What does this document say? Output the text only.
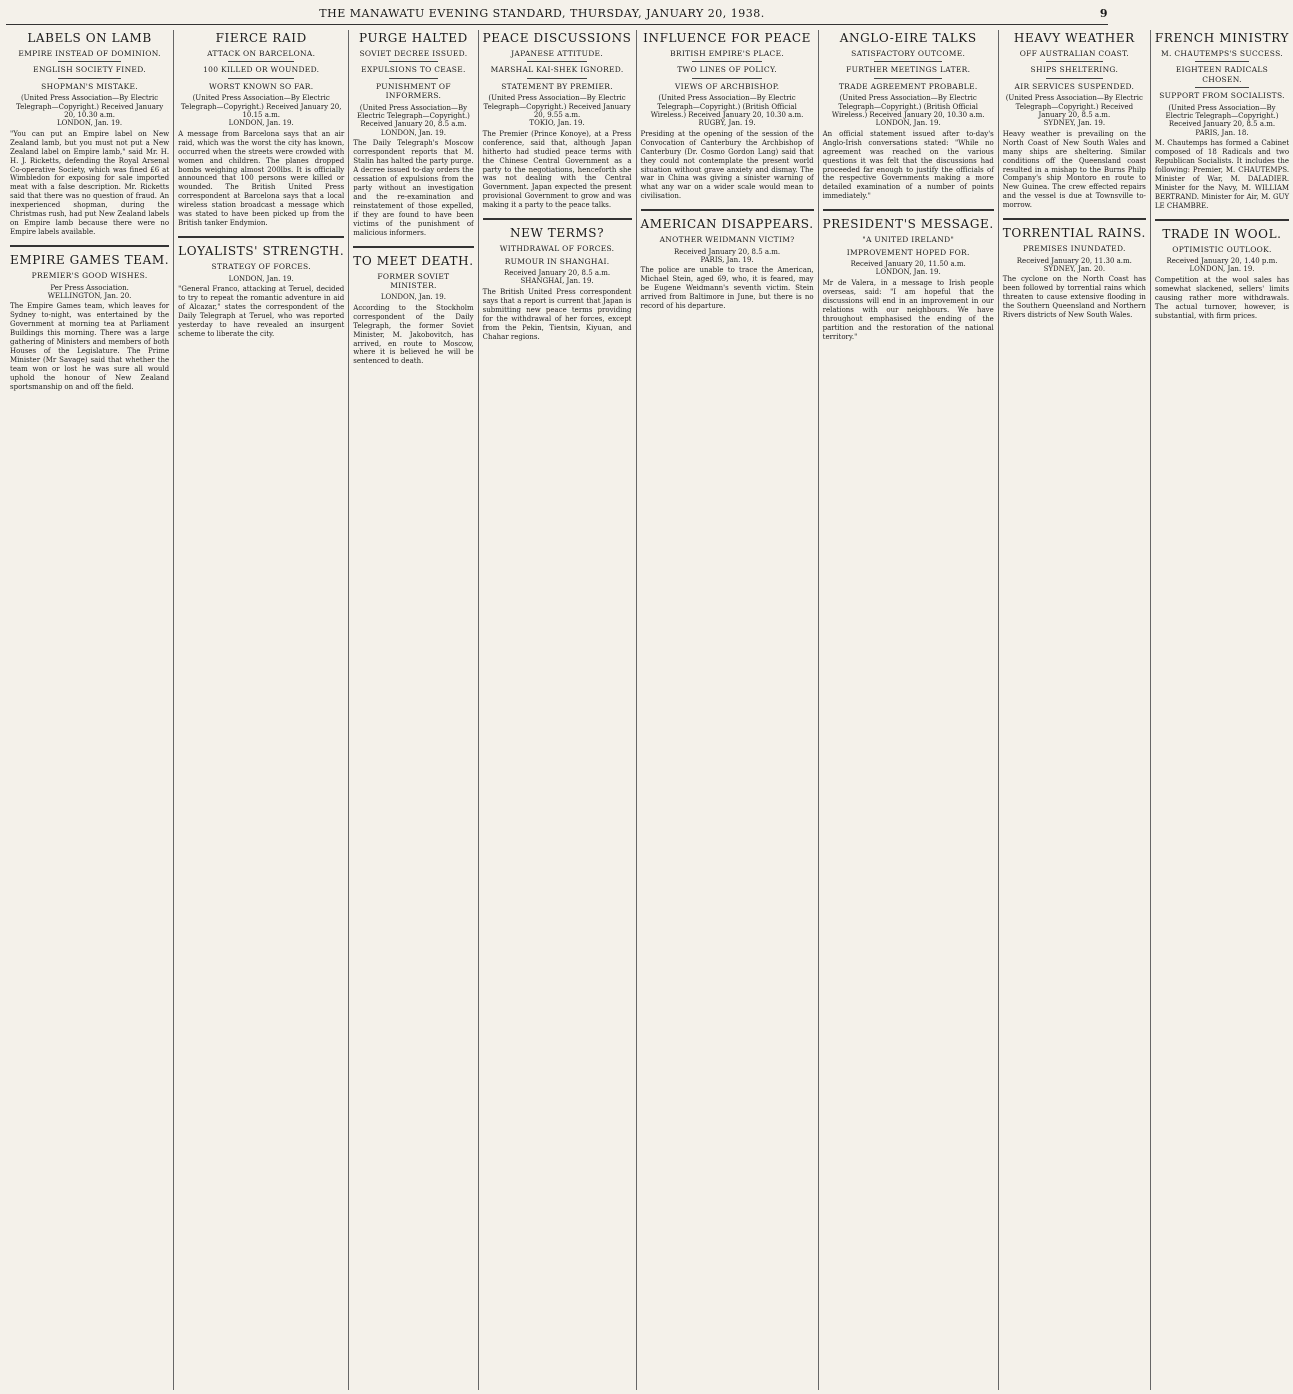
THE MANAWATU EVENING STANDARD, THURSDAY, JANUARY 20, 1938.	9
LABELS ON LAMB
EMPIRE INSTEAD OF DOMINION.
ENGLISH SOCIETY FINED.
SHOPMAN'S MISTAKE.
(United Press Association—By Electric Telegraph—Copyright.) Received January 20, 10.30 a.m.
LONDON, Jan. 19.

"You can put an Empire label on New Zealand lamb, but you must not put a New Zealand label on Empire lamb," said Mr. H. H. J. Ricketts, defending the Royal Arsenal Co-operative Society, which was fined £6 at Wimbledon for exposing for sale imported meat with a false description. Mr. Ricketts said that there was no question of fraud. An inexperienced shopman, during the Christmas rush, had put New Zealand labels on Empire lamb because there were no Empire labels available.

EMPIRE GAMES TEAM.
PREMIER'S GOOD WISHES.
Per Press Association.
WELLINGTON, Jan. 20.

The Empire Games team, which leaves for Sydney to-night, was entertained by the Government at morning tea at Parliament Buildings this morning. There was a large gathering of Ministers and members of both Houses of the Legislature. The Prime Minister (Mr Savage) said that whether the team won or lost he was sure all would uphold the honour of New Zealand sportsmanship on and off the field.

FIERCE RAID
ATTACK ON BARCELONA.
100 KILLED OR WOUNDED.
WORST KNOWN SO FAR.
(United Press Association—By Electric Telegraph—Copyright.) Received January 20, 10.15 a.m.
LONDON, Jan. 19.

A message from Barcelona says that an air raid, which was the worst the city has known, occurred when the streets were crowded with women and children. The planes dropped bombs weighing almost 200lbs. It is officially announced that 100 persons were killed or wounded. The British United Press correspondent at Barcelona says that a local wireless station broadcast a message which was stated to have been picked up from the British tanker Endymion.

LOYALISTS' STRENGTH.
STRATEGY OF FORCES.
LONDON, Jan. 19.

"General Franco, attacking at Teruel, decided to try to repeat the romantic adventure in aid of Alcazar," states the correspondent of the Daily Telegraph at Teruel, who was reported yesterday to have revealed an insurgent scheme to liberate the city.

PURGE HALTED
SOVIET DECREE ISSUED.
EXPULSIONS TO CEASE.
PUNISHMENT OF INFORMERS.
(United Press Association—By Electric Telegraph—Copyright.) Received January 20, 8.5 a.m.
LONDON, Jan. 19.

The Daily Telegraph's Moscow correspondent reports that M. Stalin has halted the party purge. A decree issued to-day orders the cessation of expulsions from the party without an investigation and the re-examination and reinstatement of those expelled, if they are found to have been victims of the punishment of malicious informers.

TO MEET DEATH.
FORMER SOVIET MINISTER.
LONDON, Jan. 19.

According to the Stockholm correspondent of the Daily Telegraph, the former Soviet Minister, M. Jakobovitch, has arrived, en route to Moscow, where it is believed he will be sentenced to death.

PEACE DISCUSSIONS
JAPANESE ATTITUDE.
MARSHAL KAI-SHEK IGNORED.
STATEMENT BY PREMIER.
(United Press Association—By Electric Telegraph—Copyright.) Received January 20, 9.55 a.m.
TOKIO, Jan. 19.

The Premier (Prince Konoye), at a Press conference, said that, although Japan hitherto had studied peace terms with the Chinese Central Government as a party to the negotiations, henceforth she was not dealing with the Central Government. Japan expected the present provisional Government to grow and was making it a party to the peace talks.

NEW TERMS?
WITHDRAWAL OF FORCES.
RUMOUR IN SHANGHAI.
Received January 20, 8.5 a.m.
SHANGHAI, Jan. 19.

The British United Press correspondent says that a report is current that Japan is submitting new peace terms providing for the withdrawal of her forces, except from the Pekin, Tientsin, Kiyuan, and Chahar regions.

INFLUENCE FOR PEACE
BRITISH EMPIRE'S PLACE.
TWO LINES OF POLICY.
VIEWS OF ARCHBISHOP.
(United Press Association—By Electric Telegraph—Copyright.) (British Official Wireless.) Received January 20, 10.30 a.m.
RUGBY, Jan. 19.

Presiding at the opening of the session of the Convocation of Canterbury the Archbishop of Canterbury (Dr. Cosmo Gordon Lang) said that they could not contemplate the present world situation without grave anxiety and dismay. The war in China was giving a sinister warning of what any war on a wider scale would mean to civilisation.

AMERICAN DISAPPEARS.
ANOTHER WEIDMANN VICTIM?
Received January 20, 8.5 a.m.
PARIS, Jan. 19.

The police are unable to trace the American, Michael Stein, aged 69, who, it is feared, may be Eugene Weidmann's seventh victim. Stein arrived from Baltimore in June, but there is no record of his departure.

ANGLO-EIRE TALKS
SATISFACTORY OUTCOME.
FURTHER MEETINGS LATER.
TRADE AGREEMENT PROBABLE.
(United Press Association—By Electric Telegraph—Copyright.) (British Official Wireless.) Received January 20, 10.30 a.m.
LONDON, Jan. 19.

An official statement issued after to-day's Anglo-Irish conversations stated: "While no agreement was reached on the various questions it was felt that the discussions had proceeded far enough to justify the officials of the respective Governments making a more detailed examination of a number of points immediately."

PRESIDENT'S MESSAGE.
"A UNITED IRELAND"
IMPROVEMENT HOPED FOR.
Received January 20, 11.50 a.m.
LONDON, Jan. 19.

Mr de Valera, in a message to Irish people overseas, said: "I am hopeful that the discussions will end in an improvement in our relations with our neighbours. We have throughout emphasised the ending of the partition and the restoration of the national territory."

HEAVY WEATHER
OFF AUSTRALIAN COAST.
SHIPS SHELTERING.
AIR SERVICES SUSPENDED.
(United Press Association—By Electric Telegraph—Copyright.) Received January 20, 8.5 a.m.
SYDNEY, Jan. 19.

Heavy weather is prevailing on the North Coast of New South Wales and many ships are sheltering. Similar conditions off the Queensland coast resulted in a mishap to the Burns Philp Company's ship Montoro en route to New Guinea. The crew effected repairs and the vessel is due at Townsville to-morrow.

TORRENTIAL RAINS.
PREMISES INUNDATED.
Received January 20, 11.30 a.m.
SYDNEY, Jan. 20.

The cyclone on the North Coast has been followed by torrential rains which threaten to cause extensive flooding in the Southern Queensland and Northern Rivers districts of New South Wales.

FRENCH MINISTRY
M. CHAUTEMPS'S SUCCESS.
EIGHTEEN RADICALS CHOSEN.
SUPPORT FROM SOCIALISTS.
(United Press Association—By Electric Telegraph—Copyright.) Received January 20, 8.5 a.m.
PARIS, Jan. 18.

M. Chautemps has formed a Cabinet composed of 18 Radicals and two Republican Socialists. It includes the following: Premier, M. CHAUTEMPS. Minister of War, M. DALADIER. Minister for the Navy, M. WILLIAM BERTRAND. Minister for Air, M. GUY LE CHAMBRE.

TRADE IN WOOL.
OPTIMISTIC OUTLOOK.
Received January 20, 1.40 p.m.
LONDON, Jan. 19.

Competition at the wool sales has somewhat slackened, sellers' limits causing rather more withdrawals. The actual turnover, however, is substantial, with firm prices.
